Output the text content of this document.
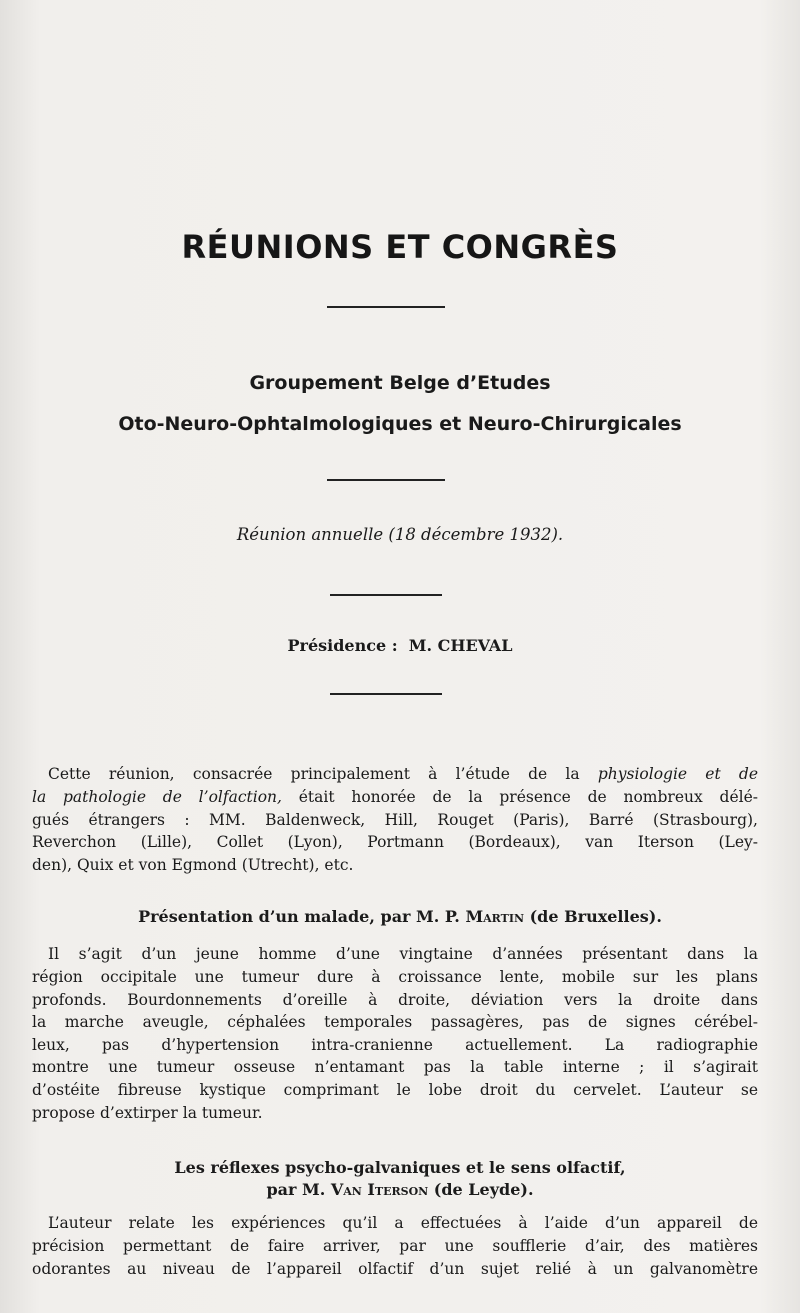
RÉUNIONS ET CONGRÈS
Groupement Belge d’Etudes
Oto-Neuro-Ophtalmologiques et Neuro-Chirurgicales
Réunion annuelle (18 décembre 1932).
Présidence : M. CHEVAL
Cette réunion, consacrée principalement à l’étude de la physiologie et de
la pathologie de l’olfaction, était honorée de la présence de nombreux délé-
gués étrangers : MM. Baldenweck, Hill, Rouget (Paris), Barré (Strasbourg),
Reverchon (Lille), Collet (Lyon), Portmann (Bordeaux), van Iterson (Ley-
den), Quix et von Egmond (Utrecht), etc.
Présentation d’un malade, par M. P. Martin (de Bruxelles).
Il s’agit d’un jeune homme d’une vingtaine d’années présentant dans la
région occipitale une tumeur dure à croissance lente, mobile sur les plans
profonds. Bourdonnements d’oreille à droite, déviation vers la droite dans
la marche aveugle, céphalées temporales passagères, pas de signes cérébel-
leux, pas d’hypertension intra-cranienne actuellement. La radiographie
montre une tumeur osseuse n’entamant pas la table interne ; il s’agirait
d’ostéite fibreuse kystique comprimant le lobe droit du cervelet. L’auteur se
propose d’extirper la tumeur.
Les réflexes psycho-galvaniques et le sens olfactif,
par M. Van Iterson (de Leyde).
L’auteur relate les expériences qu’il a effectuées à l’aide d’un appareil de
précision permettant de faire arriver, par une soufflerie d’air, des matières
odorantes au niveau de l’appareil olfactif d’un sujet relié à un galvanomètre
